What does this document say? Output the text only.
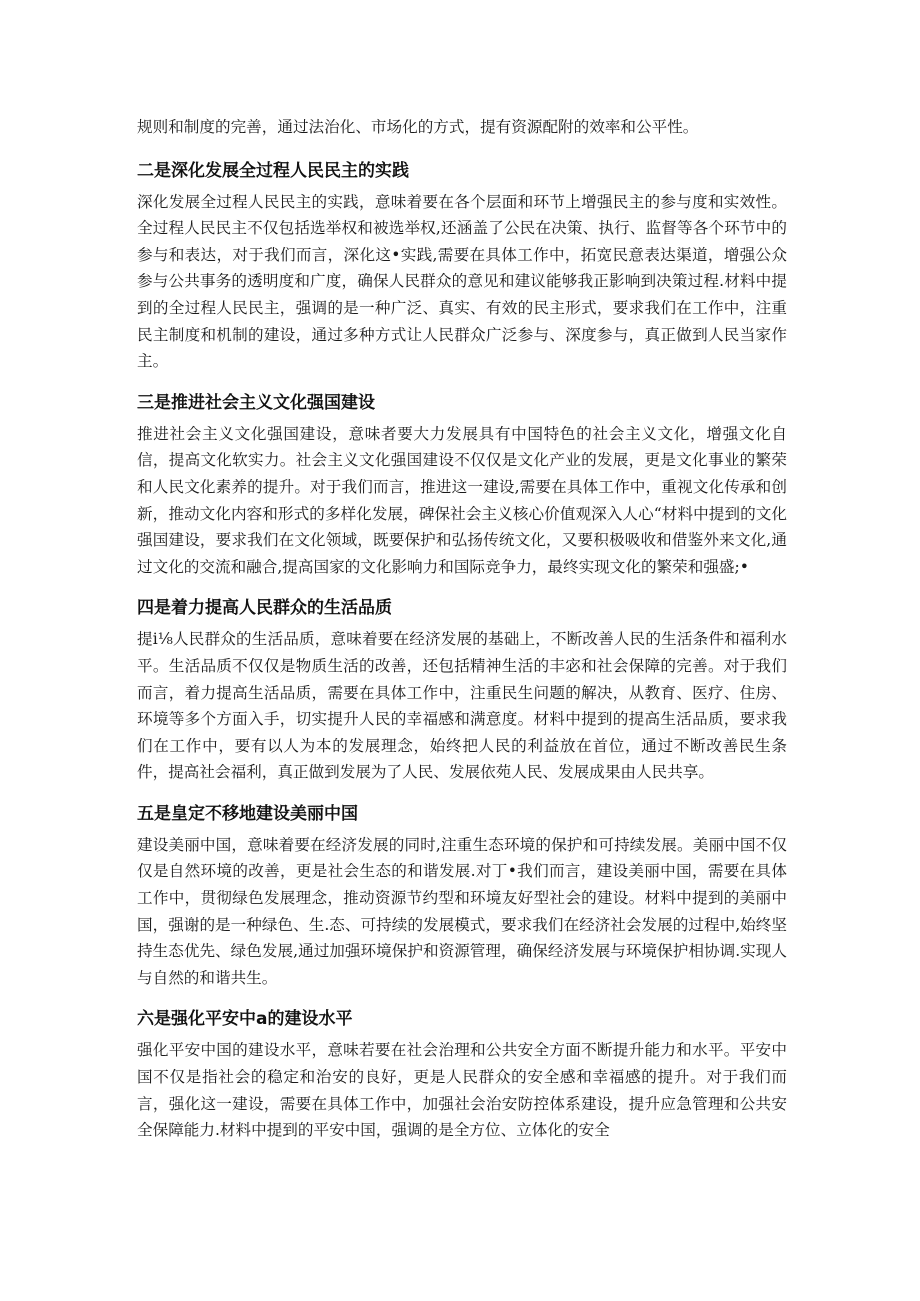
规则和制度的完善，通过法治化、市场化的方式，提有资源配附的效率和公平性。

二是深化发展全过程人民民主的实践

深化发展全过程人民民主的实践，意味着要在各个层面和环节上增强民主的参与度和实效性。全过程人民民主不仅包括选举权和被选举权,还涵盖了公民在决策、执行、监督等各个环节中的参与和表达，对于我们而言，深化这•实践,需要在具体工作中，拓宽民意表达渠道，增强公众参与公共事务的透明度和广度，确保人民群众的意见和建议能够我正影响到决策过程.材料中提到的全过程人民民主，强调的是一种广泛、真实、有效的民主形式，要求我们在工作中，注重民主制度和机制的建设，通过多种方式让人民群众广泛参与、深度参与，真正做到人民当家作主。

三是推进社会主义文化强国建设

推进社会主义文化强国建设，意味者要大力发展具有中国特色的社会主义文化，增强文化自信，提高文化软实力。社会主义文化强国建设不仅仅是文化产业的发展，更是文化事业的繁荣和人民文化素养的提升。对于我们而言，推进这一建设,需要在具体工作中，重视文化传承和创新，推动文化内容和形式的多样化发展，碑保社会主义核心价值观深入人心“材料中提到的文化强国建设，要求我们在文化领域，既要保护和弘扬传统文化，又要积极吸收和借鉴外来文化,通过文化的交流和融合,提高国家的文化影响力和国际竞争力，最终实现文化的繁荣和强盛;•

四是着力提高人民群众的生活品质

提i⅛人民群众的生活品质，意味着要在经济发展的基础上，不断改善人民的生活条件和福利水平。生活品质不仅仅是物质生活的改善，还包括精神生活的丰宓和社会保障的完善。对于我们而言，着力提高生活品质，需要在具体工作中，注重民生问题的解决，从教育、医疗、住房、环境等多个方面入手，切实提升人民的幸福感和满意度。材料中提到的提高生活品质，要求我们在工作中，要有以人为本的发展理念，始终把人民的利益放在首位，通过不断改善民生条件，提高社会福利，真正做到发展为了人民、发展依苑人民、发展成果由人民共享。

五是皇定不移地建设美丽中国

建设美丽中国，意味着要在经济发展的同时,注重生态环境的保护和可持续发展。美丽中国不仅仅是自然环境的改善，更是社会生态的和谐发展.对丁•我们而言，建设美丽中国，需要在具体工作中，贯彻绿色发展理念，推动资源节约型和环境友好型社会的建设。材料中提到的美丽中国，强谢的是一种绿色、生.态、可持续的发展模式，要求我们在经济社会发展的过程中,始终坚持生态优先、绿色发展,通过加强环境保护和资源管理，确保经济发展与环境保护相协调.实现人与自然的和谐共生。

六是强化平安中a的建设水平

强化平安中国的建设水平，意味若要在社会治理和公共安全方面不断提升能力和水平。平安中国不仅是指社会的稳定和治安的良好，更是人民群众的安全感和幸福感的提升。对于我们而言，强化这一建设，需要在具体工作中，加强社会治安防控体系建设，提升应急管理和公共安全保障能力.材料中提到的平安中国，强调的是全方位、立体化的安全
